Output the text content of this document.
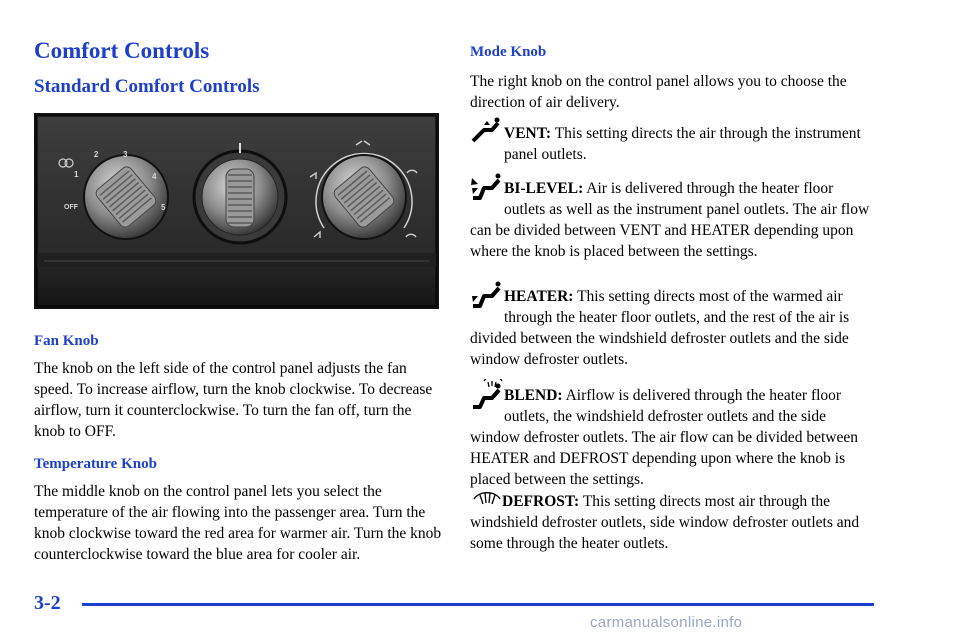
Comfort Controls
Standard Comfort Controls
1
2	3
4
5
OFF
Fan Knob

The knob on the left side of the control panel adjusts the fan speed. To increase airflow, turn the knob clockwise. To decrease airflow, turn it counterclockwise. To turn the fan off, turn the knob to OFF.

Temperature Knob

The middle knob on the control panel lets you select the temperature of the air flowing into the passenger area. Turn the knob clockwise toward the red area for warmer air. Turn the knob counterclockwise toward the blue area for cooler air.

Mode Knob

The right knob on the control panel allows you to choose the direction of air delivery.

VENT: This setting directs the air through the instrument panel outlets.
BI-LEVEL: Air is delivered through the heater floor outlets as well as the instrument panel outlets. The air flow can be divided between VENT and HEATER depending upon where the knob is placed between the settings.
HEATER: This setting directs most of the warmed air through the heater floor outlets, and the rest of the air is divided between the windshield defroster outlets and the side window defroster outlets.
BLEND: Airflow is delivered through the heater floor outlets, the windshield defroster outlets and the side window defroster outlets. The air flow can be divided between HEATER and DEFROST depending upon where the knob is placed between the settings.
DEFROST: This setting directs most air through the windshield defroster outlets, side window defroster outlets and some through the heater outlets.

3-2

carmanualsonline.info
